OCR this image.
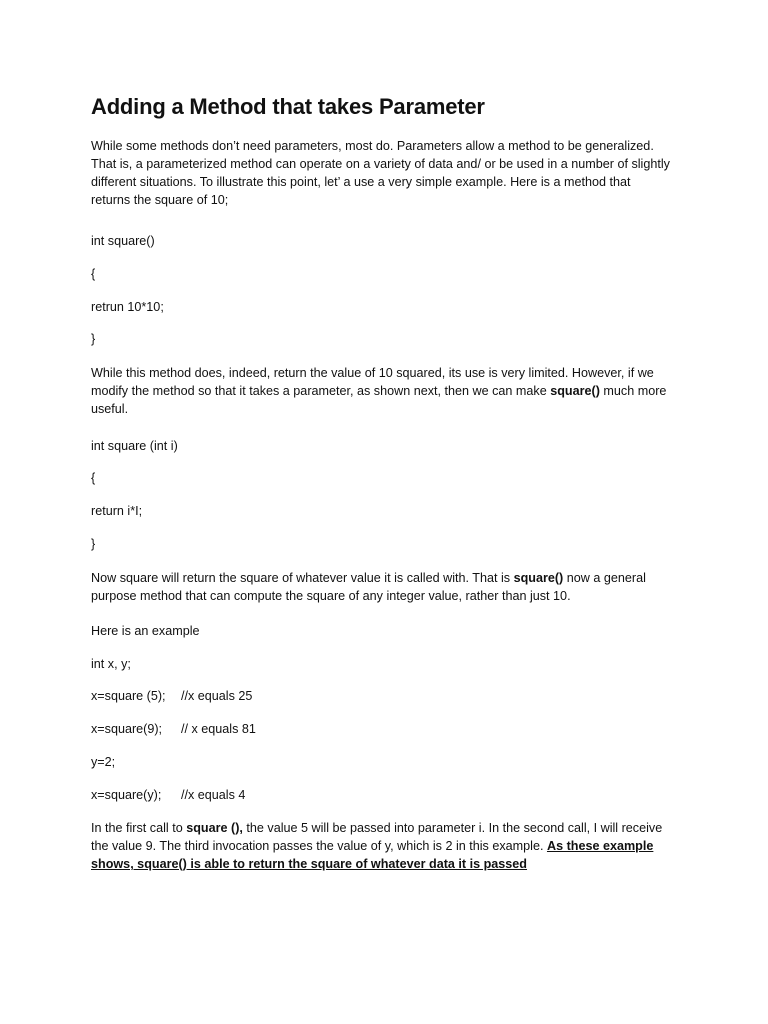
Adding a Method that takes Parameter

While some methods don’t need parameters, most do. Parameters allow a method to be generalized. That is, a parameterized method can operate on a variety of data and/ or be used in a number of slightly different situations. To illustrate this point, let’ a use a very simple example. Here is a method that returns the square of 10;

int square()
{
retrun 10*10;
}

While this method does, indeed, return the value of 10 squared, its use is very limited. However, if we modify the method so that it takes a parameter, as shown next, then we can make square() much more useful.

int square (int i)
{
return i*I;
}

Now square will return the square of whatever value it is called with. That is square() now a general purpose method that can compute the square of any integer value, rather than just 10.

Here is an example
int x, y;
x=square (5); //x equals 25
x=square(9); // x equals 81
y=2;
x=square(y); //x equals 4

In the first call to square (), the value 5 will be passed into parameter i. In the second call, I will receive the value 9. The third invocation passes the value of y, which is 2 in this example. As these example shows, square() is able to return the square of whatever data it is passed
